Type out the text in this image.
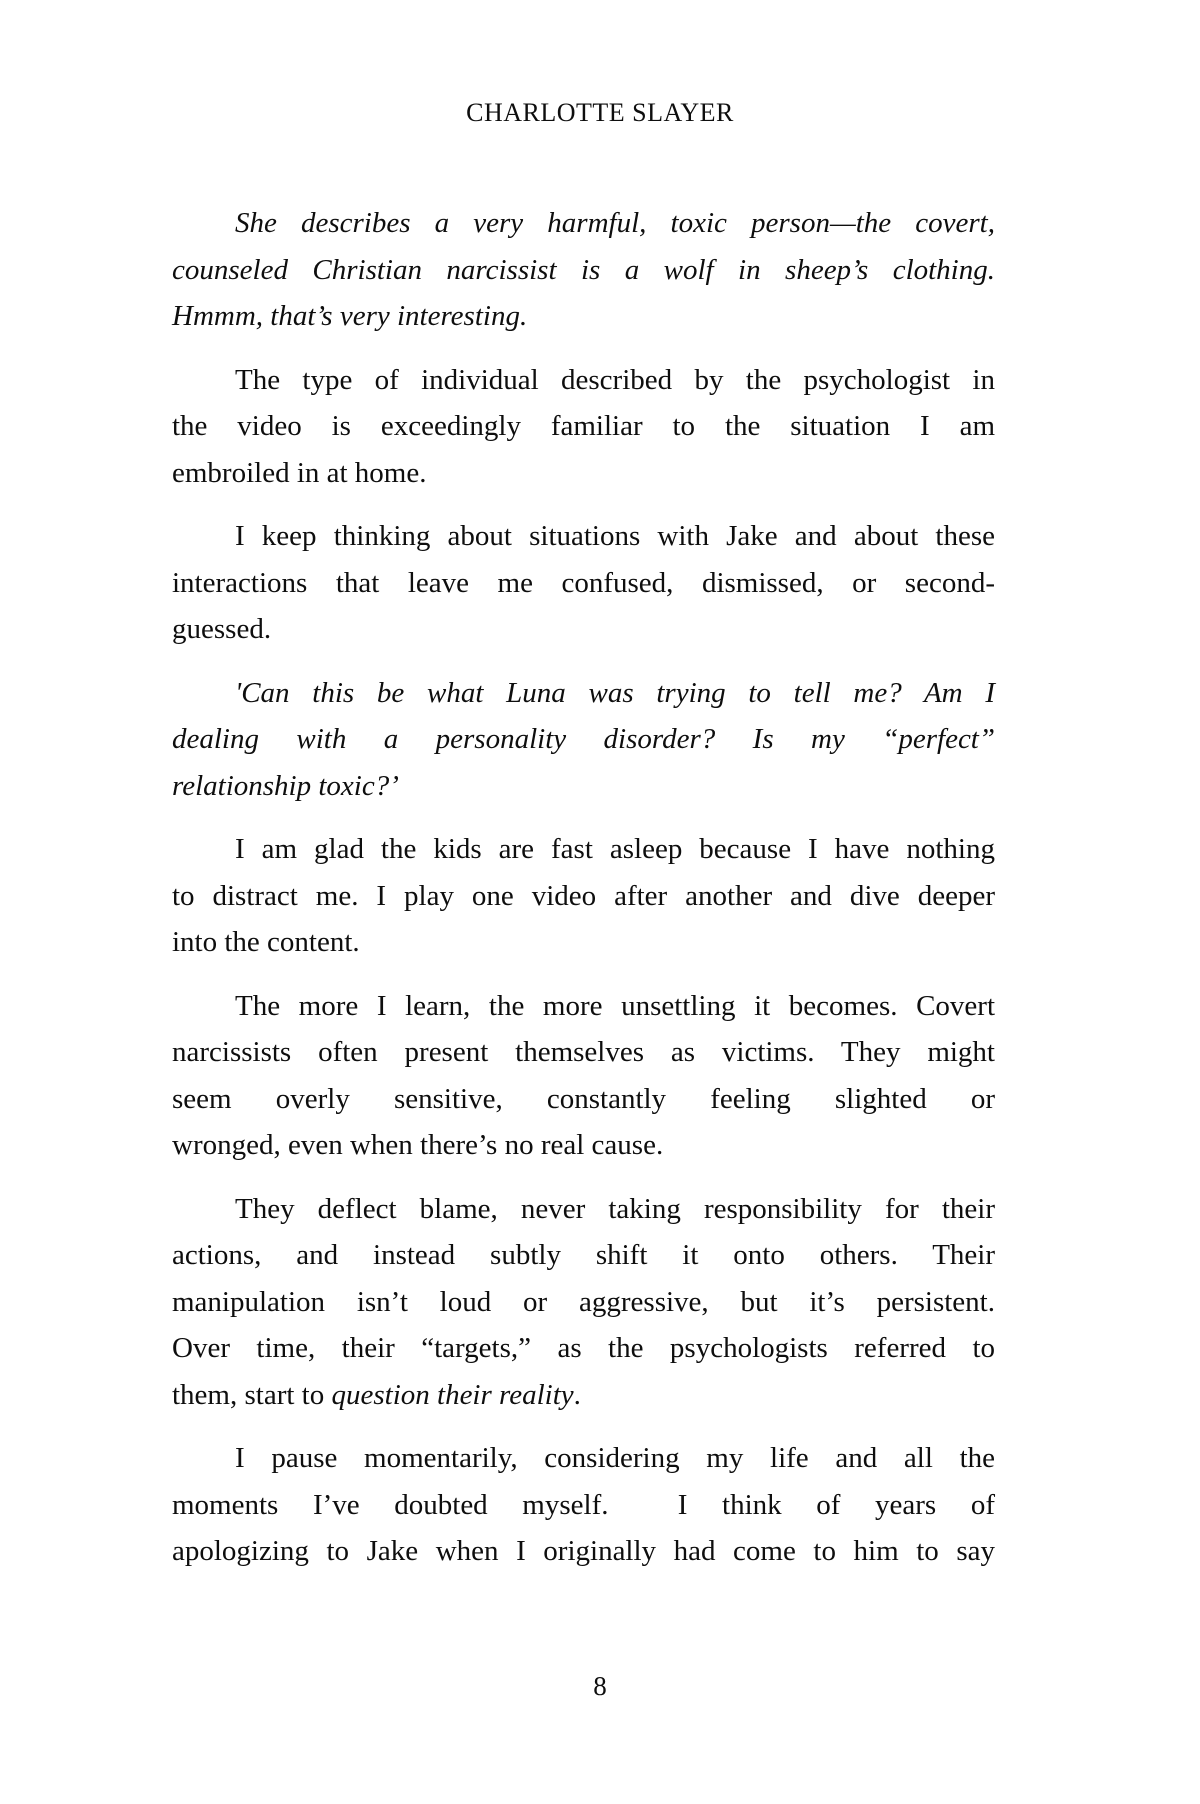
CHARLOTTE SLAYER
She describes a very harmful, toxic person—the covert,
counseled Christian narcissist is a wolf in sheep’s clothing.
Hmmm, that’s very interesting.
The type of individual described by the psychologist in
the video is exceedingly familiar to the situation I am
embroiled in at home.
I keep thinking about situations with Jake and about these
interactions that leave me confused, dismissed, or second-
guessed.
'Can this be what Luna was trying to tell me? Am I
dealing with a personality disorder? Is my “perfect”
relationship toxic?’
I am glad the kids are fast asleep because I have nothing
to distract me. I play one video after another and dive deeper
into the content.
The more I learn, the more unsettling it becomes. Covert
narcissists often present themselves as victims. They might
seem overly sensitive, constantly feeling slighted or
wronged, even when there’s no real cause.
They deflect blame, never taking responsibility for their
actions, and instead subtly shift it onto others. Their
manipulation isn’t loud or aggressive, but it’s persistent.
Over time, their “targets,” as the psychologists referred to
them, start to question their reality.
I pause momentarily, considering my life and all the
moments I’ve doubted myself.  I think of years of
apologizing to Jake when I originally had come to him to say
8
